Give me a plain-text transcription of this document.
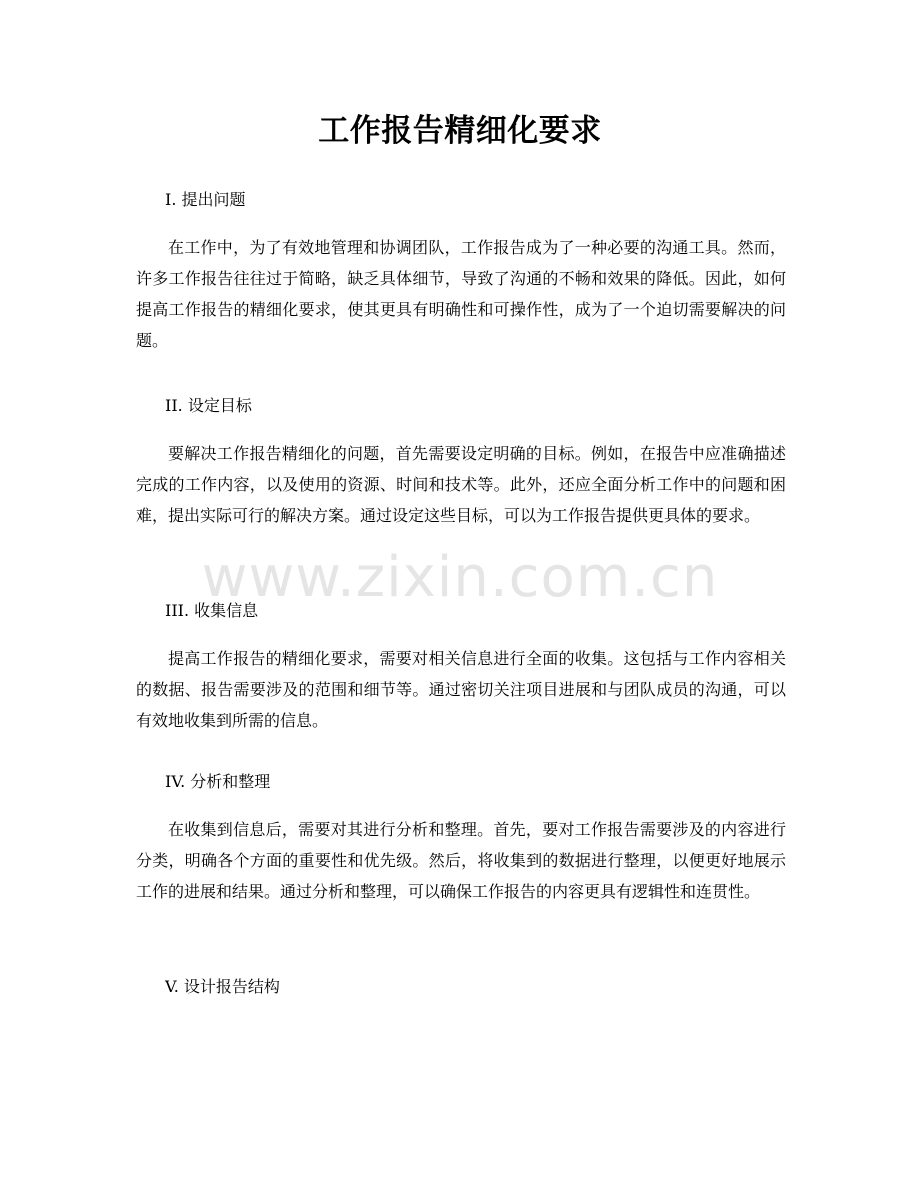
www.zixin.com.cn
工作报告精细化要求
I. 提出问题

在工作中，为了有效地管理和协调团队，工作报告成为了一种必要的沟通工具。然而，许多工作报告往往过于简略，缺乏具体细节，导致了沟通的不畅和效果的降低。因此，如何提高工作报告的精细化要求，使其更具有明确性和可操作性，成为了一个迫切需要解决的问题。

II. 设定目标

要解决工作报告精细化的问题，首先需要设定明确的目标。例如，在报告中应准确描述完成的工作内容，以及使用的资源、时间和技术等。此外，还应全面分析工作中的问题和困难，提出实际可行的解决方案。通过设定这些目标，可以为工作报告提供更具体的要求。

III. 收集信息

提高工作报告的精细化要求，需要对相关信息进行全面的收集。这包括与工作内容相关的数据、报告需要涉及的范围和细节等。通过密切关注项目进展和与团队成员的沟通，可以有效地收集到所需的信息。

IV. 分析和整理

在收集到信息后，需要对其进行分析和整理。首先，要对工作报告需要涉及的内容进行分类，明确各个方面的重要性和优先级。然后，将收集到的数据进行整理，以便更好地展示工作的进展和结果。通过分析和整理，可以确保工作报告的内容更具有逻辑性和连贯性。

V. 设计报告结构
